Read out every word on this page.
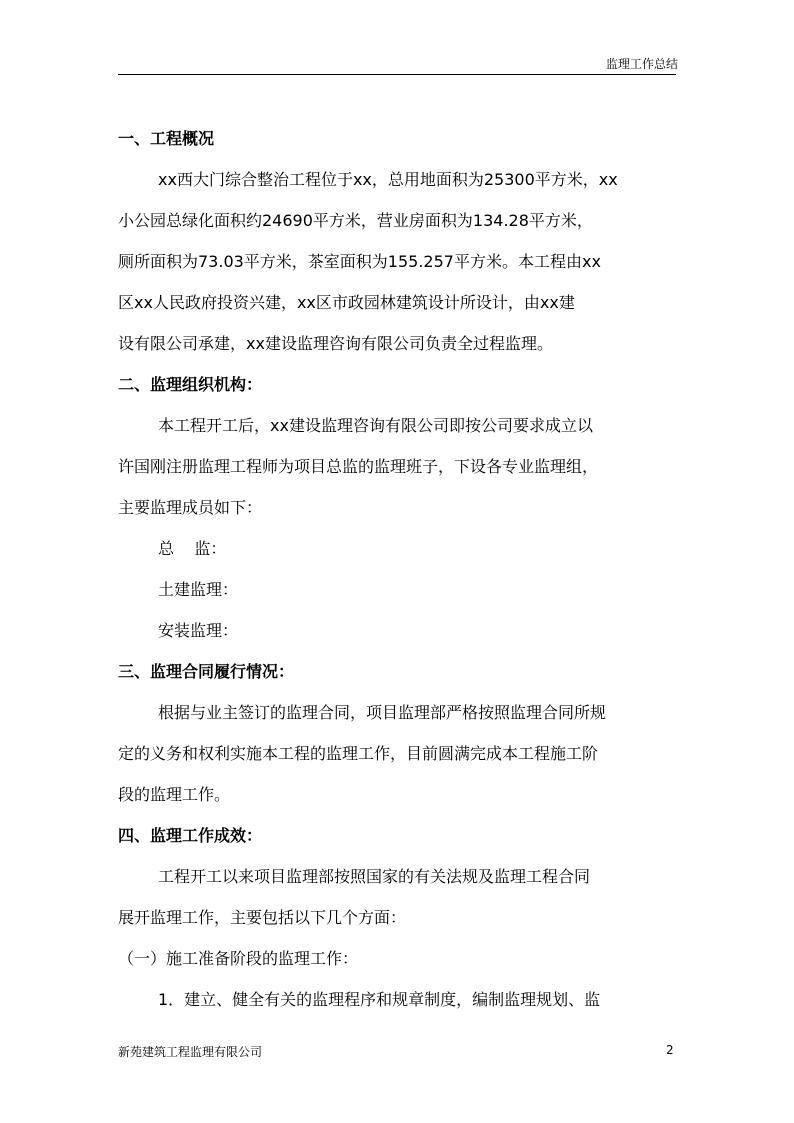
监理工作总结
一、工程概况
xx西大门综合整治工程位于xx，总用地面积为25300平方米，xx
小公园总绿化面积约24690平方米，营业房面积为134.28平方米，
厕所面积为73.03平方米，茶室面积为155.257平方米。本工程由xx
区xx人民政府投资兴建，xx区市政园林建筑设计所设计，由xx建
设有限公司承建，xx建设监理咨询有限公司负责全过程监理。
二、监理组织机构：
本工程开工后，xx建设监理咨询有限公司即按公司要求成立以
许国刚注册监理工程师为项目总监的监理班子，下设各专业监理组，
主要监理成员如下：
总    监：
土建监理：
安装监理：
三、监理合同履行情况：
根据与业主签订的监理合同，项目监理部严格按照监理合同所规
定的义务和权利实施本工程的监理工作，目前圆满完成本工程施工阶
段的监理工作。
四、监理工作成效：
工程开工以来项目监理部按照国家的有关法规及监理工程合同
展开监理工作，主要包括以下几个方面：
（一）施工准备阶段的监理工作：
1．建立、健全有关的监理程序和规章制度，编制监理规划、监
新苑建筑工程监理有限公司	2
